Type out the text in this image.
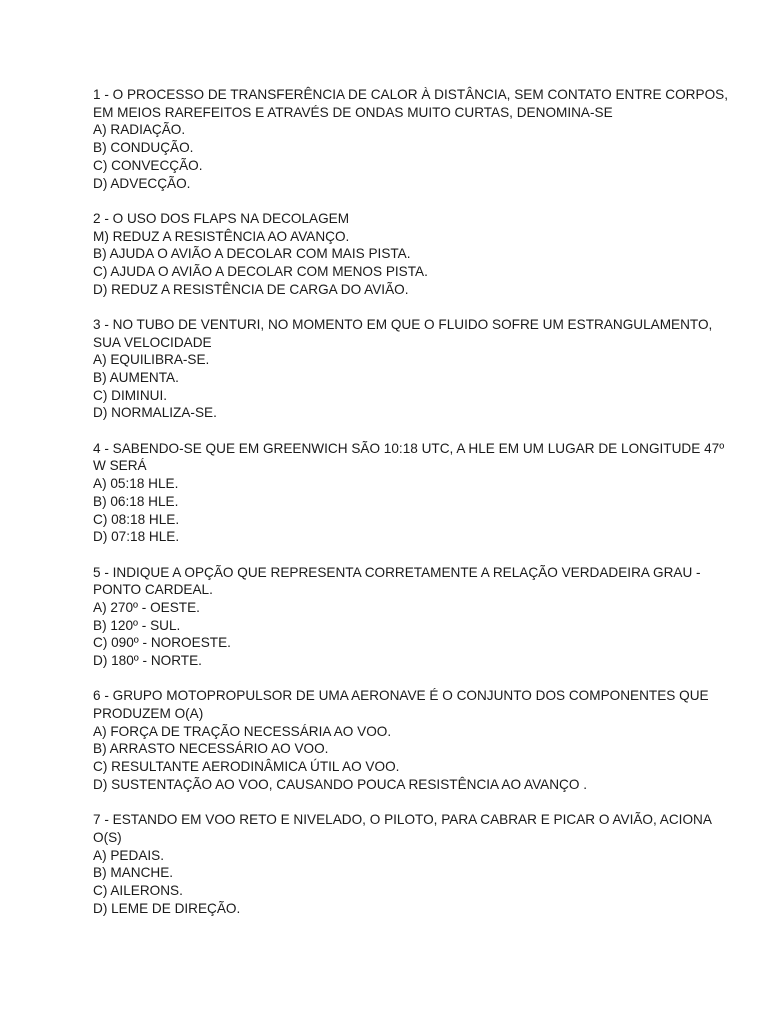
1 - O PROCESSO DE TRANSFERÊNCIA DE CALOR À DISTÂNCIA, SEM CONTATO ENTRE CORPOS, EM MEIOS RAREFEITOS E ATRAVÉS DE ONDAS MUITO CURTAS, DENOMINA-SE
A) RADIAÇÃO.
B) CONDUÇÃO.
C) CONVECÇÃO.
D) ADVECÇÃO.
2 - O USO DOS FLAPS NA DECOLAGEM
M) REDUZ A RESISTÊNCIA AO AVANÇO.
B) AJUDA O AVIÃO A DECOLAR COM MAIS PISTA.
C) AJUDA O AVIÃO A DECOLAR COM MENOS PISTA.
D) REDUZ A RESISTÊNCIA DE CARGA DO AVIÃO.
3 - NO TUBO DE VENTURI, NO MOMENTO EM QUE O FLUIDO SOFRE UM ESTRANGULAMENTO, SUA VELOCIDADE
A) EQUILIBRA-SE.
B) AUMENTA.
C) DIMINUI.
D) NORMALIZA-SE.
4 - SABENDO-SE QUE EM GREENWICH SÃO 10:18 UTC, A HLE EM UM LUGAR DE LONGITUDE 47º W SERÁ
A) 05:18 HLE.
B) 06:18 HLE.
C) 08:18 HLE.
D) 07:18 HLE.
5 - INDIQUE A OPÇÃO QUE REPRESENTA CORRETAMENTE A RELAÇÃO VERDADEIRA GRAU - PONTO CARDEAL.
A) 270º - OESTE.
B) 120º - SUL.
C) 090º - NOROESTE.
D) 180º - NORTE.
6 - GRUPO MOTOPROPULSOR DE UMA AERONAVE É O CONJUNTO DOS COMPONENTES QUE PRODUZEM O(A)
A) FORÇA DE TRAÇÃO NECESSÁRIA AO VOO.
B) ARRASTO NECESSÁRIO AO VOO.
C) RESULTANTE AERODINÂMICA ÚTIL AO VOO.
D) SUSTENTAÇÃO AO VOO, CAUSANDO POUCA RESISTÊNCIA AO AVANÇO .
7 - ESTANDO EM VOO RETO E NIVELADO, O PILOTO, PARA CABRAR E PICAR O AVIÃO, ACIONA O(S)
A) PEDAIS.
B) MANCHE.
C) AILERONS.
D) LEME DE DIREÇÃO.
